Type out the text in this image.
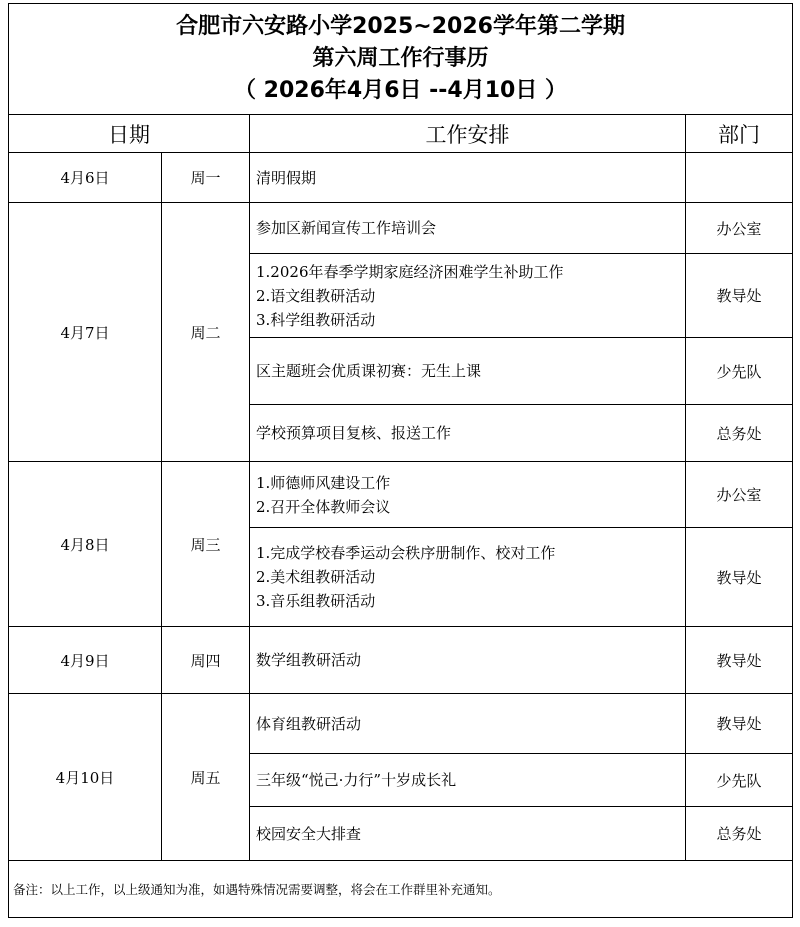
合肥市六安路小学2025~2026学年第二学期
第六周工作行事历
（ 2026年4月6日 --4月10日 ）			

日期		工作安排	部门
4月6日	周一	清明假期	

4月7日	周二	参加区新闻宣传工作培训会	办公室

		1.2026年春季学期家庭经济困难学生补助工作
2.语文组教研活动
3.科学组教研活动	教导处

		区主题班会优质课初赛：无生上课	少先队

		学校预算项目复核、报送工作	总务处
4月8日	周三	1.师德师风建设工作
2.召开全体教师会议	办公室

		1.完成学校春季运动会秩序册制作、校对工作
2.美术组教研活动
3.音乐组教研活动	教导处
4月9日	周四	数学组教研活动	教导处
4月10日	周五	体育组教研活动	教导处

		三年级“悦己·力行”十岁成长礼	少先队

		校园安全大排查	总务处
备注：以上工作，以上级通知为准，如遇特殊情况需要调整，将会在工作群里补充通知。			
